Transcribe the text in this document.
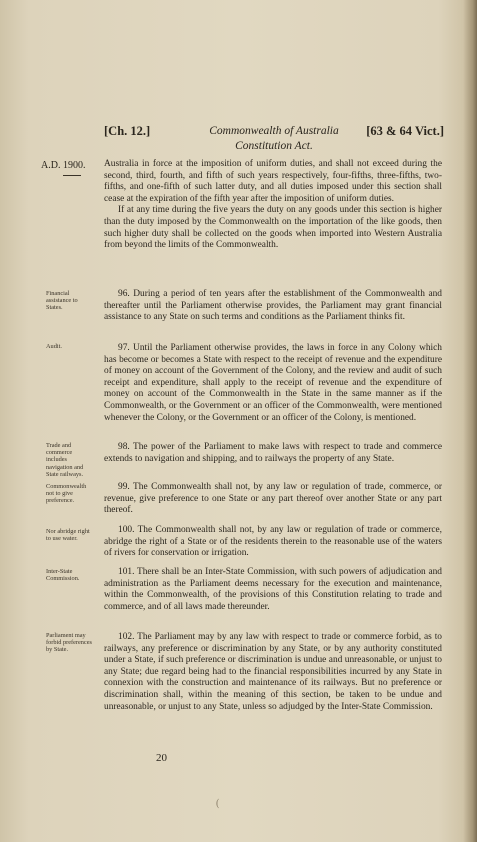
[Ch. 12.]	Commonwealth of Australia
Constitution Act.
[63 & 64 Vict.]
A.D. 1900.
Financial assistance to States.
Audit.
Trade and commerce includes navigation and State railways.
Commonwealth not to give preference.
Nor abridge right to use water.
Inter-State Commission.
Parliament may forbid preferences by State.

Australia in force at the imposition of uniform duties, and shall not exceed during the second, third, fourth, and fifth of such years respectively, four-fifths, three-fifths, two-fifths, and one-fifth of such latter duty, and all duties imposed under this section shall cease at the expiration of the fifth year after the imposition of uniform duties.

If at any time during the five years the duty on any goods under this section is higher than the duty imposed by the Commonwealth on the importation of the like goods, then such higher duty shall be collected on the goods when imported into Western Australia from beyond the limits of the Commonwealth.

96. During a period of ten years after the establishment of the Commonwealth and thereafter until the Parliament otherwise provides, the Parliament may grant financial assistance to any State on such terms and conditions as the Parliament thinks fit.

97. Until the Parliament otherwise provides, the laws in force in any Colony which has become or becomes a State with respect to the receipt of revenue and the expenditure of money on account of the Government of the Colony, and the review and audit of such receipt and expenditure, shall apply to the receipt of revenue and the expenditure of money on account of the Commonwealth in the State in the same manner as if the Commonwealth, or the Government or an officer of the Commonwealth, were mentioned whenever the Colony, or the Government or an officer of the Colony, is mentioned.

98. The power of the Parliament to make laws with respect to trade and commerce extends to navigation and shipping, and to railways the property of any State.

99. The Commonwealth shall not, by any law or regulation of trade, commerce, or revenue, give preference to one State or any part thereof over another State or any part thereof.

100. The Commonwealth shall not, by any law or regulation of trade or commerce, abridge the right of a State or of the residents therein to the reasonable use of the waters of rivers for conservation or irrigation.

101. There shall be an Inter-State Commission, with such powers of adjudication and administration as the Parliament deems necessary for the execution and maintenance, within the Commonwealth, of the provisions of this Constitution relating to trade and commerce, and of all laws made thereunder.

102. The Parliament may by any law with respect to trade or commerce forbid, as to railways, any preference or discrimination by any State, or by any authority constituted under a State, if such preference or discrimination is undue and unreasonable, or unjust to any State; due regard being had to the financial responsibilities incurred by any State in connexion with the construction and maintenance of its railways. But no preference or discrimination shall, within the meaning of this section, be taken to be undue and unreasonable, or unjust to any State, unless so adjudged by the Inter-State Commission.

20
(
